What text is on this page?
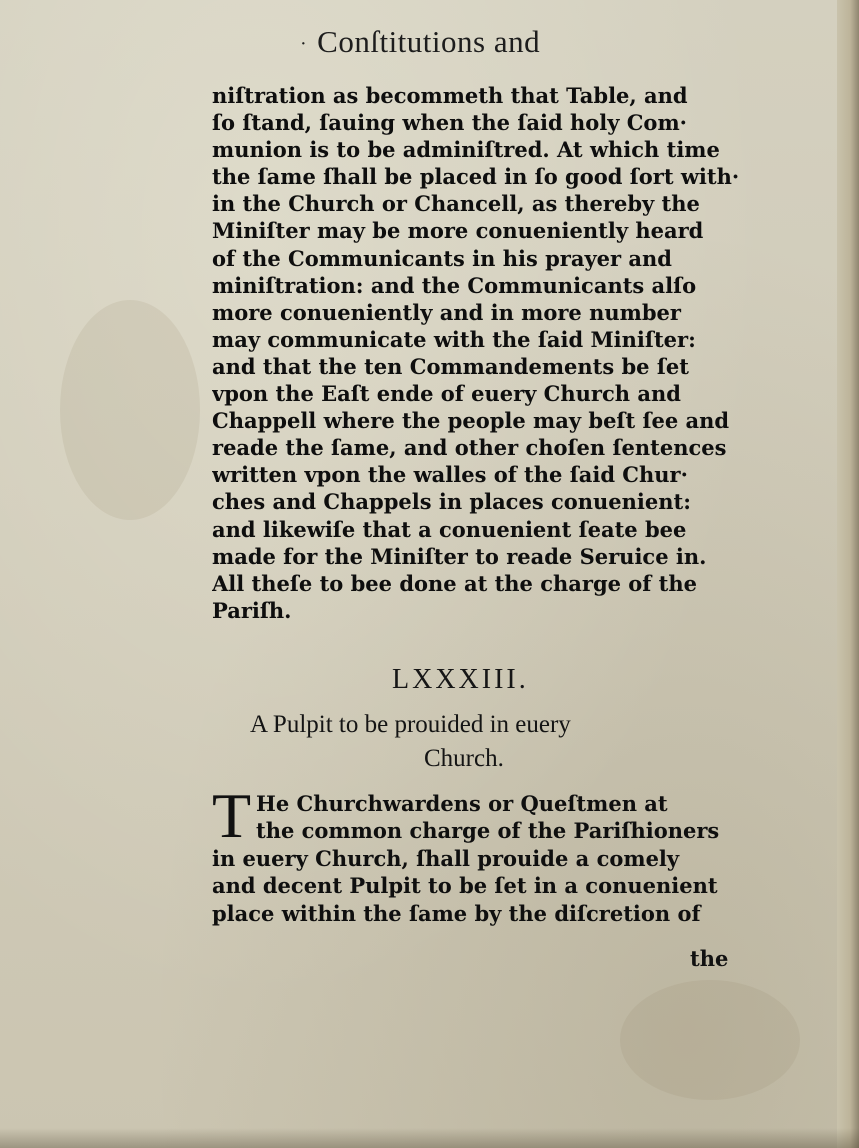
· Conſtitutions and
niſtration as becommeth that Table, and
ſo ſtand, ſauing when the ſaid holy Com·
munion is to be adminiſtred. At which time
the ſame ſhall be placed in ſo good ſort with·
in the Church or Chancell, as thereby the
Miniſter may be more conueniently heard
of the Communicants in his prayer and
miniſtration: and the Communicants alſo
more conueniently and in more number
may communicate with the ſaid Miniſter:
and that the ten Commandements be ſet
vpon the Eaſt ende of euery Church and
Chappell where the people may beſt ſee and
reade the ſame, and other choſen ſentences
written vpon the walles of the ſaid Chur·
ches and Chappels in places conuenient:
and likewiſe that a conuenient ſeate bee
made for the Miniſter to reade Seruice in.
All theſe to bee done at the charge of the
Pariſh.
LXXXIII.
A Pulpit to be prouided in euery
Church.
T He Churchwardens or Queſtmen at
the common charge of the Pariſhioners
in euery Church, ſhall prouide a comely
and decent Pulpit to be ſet in a conuenient
place within the ſame by the diſcretion of
the
